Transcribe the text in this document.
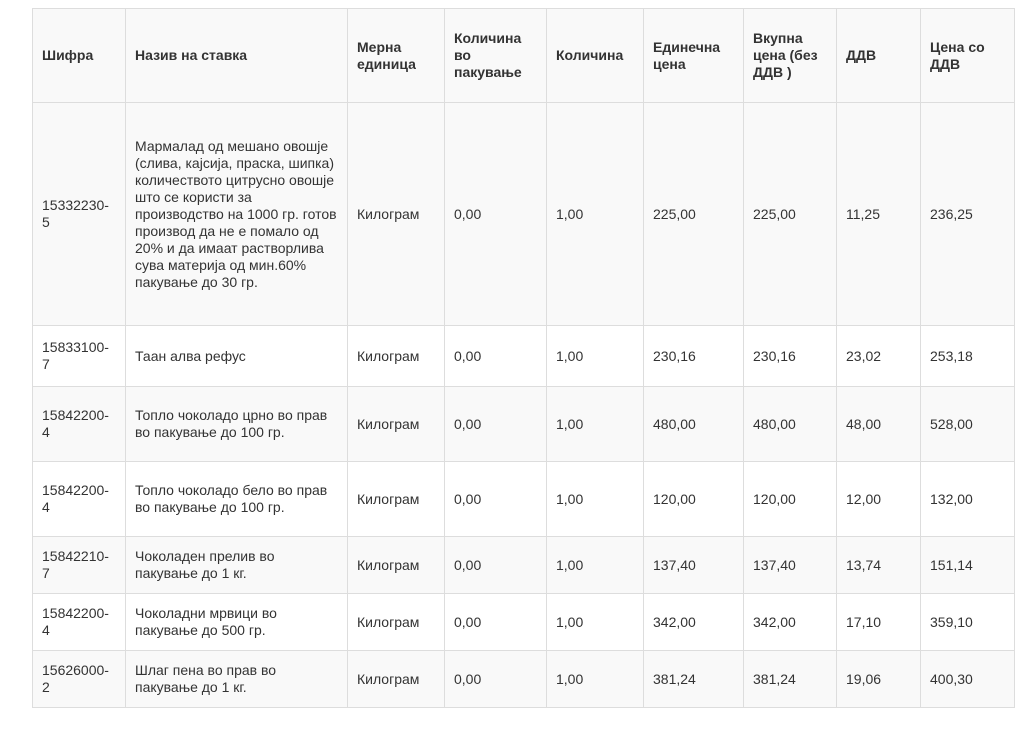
Шифра	Назив на ставка	Мерна единица	Количина во пакување	Количина	Единечна цена	Вкупна цена (без ДДВ )	ДДВ	Цена со ДДВ
15332230-5	Мармалад од мешано овошје (слива, кајсија, праска, шипка) количеството цитрусно овошје што се користи за производство на 1000 гр. готов производ да не е помало од 20% и да имаат растворлива сува материја од мин.60% пакување до 30 гр.	Килограм	0,00	1,00	225,00	225,00	11,25	236,25
15833100-7	Таан алва рефус	Килограм	0,00	1,00	230,16	230,16	23,02	253,18
15842200-4	Топло чоколадо црно во прав во пакување до 100 гр.	Килограм	0,00	1,00	480,00	480,00	48,00	528,00
15842200-4	Топло чоколадо бело во прав во пакување до 100 гр.	Килограм	0,00	1,00	120,00	120,00	12,00	132,00
15842210-7	Чоколаден прелив во пакување до 1 кг.	Килограм	0,00	1,00	137,40	137,40	13,74	151,14
15842200-4	Чоколадни мрвици во пакување до 500 гр.	Килограм	0,00	1,00	342,00	342,00	17,10	359,10
15626000-2	Шлаг пена во прав во пакување до 1 кг.	Килограм	0,00	1,00	381,24	381,24	19,06	400,30
